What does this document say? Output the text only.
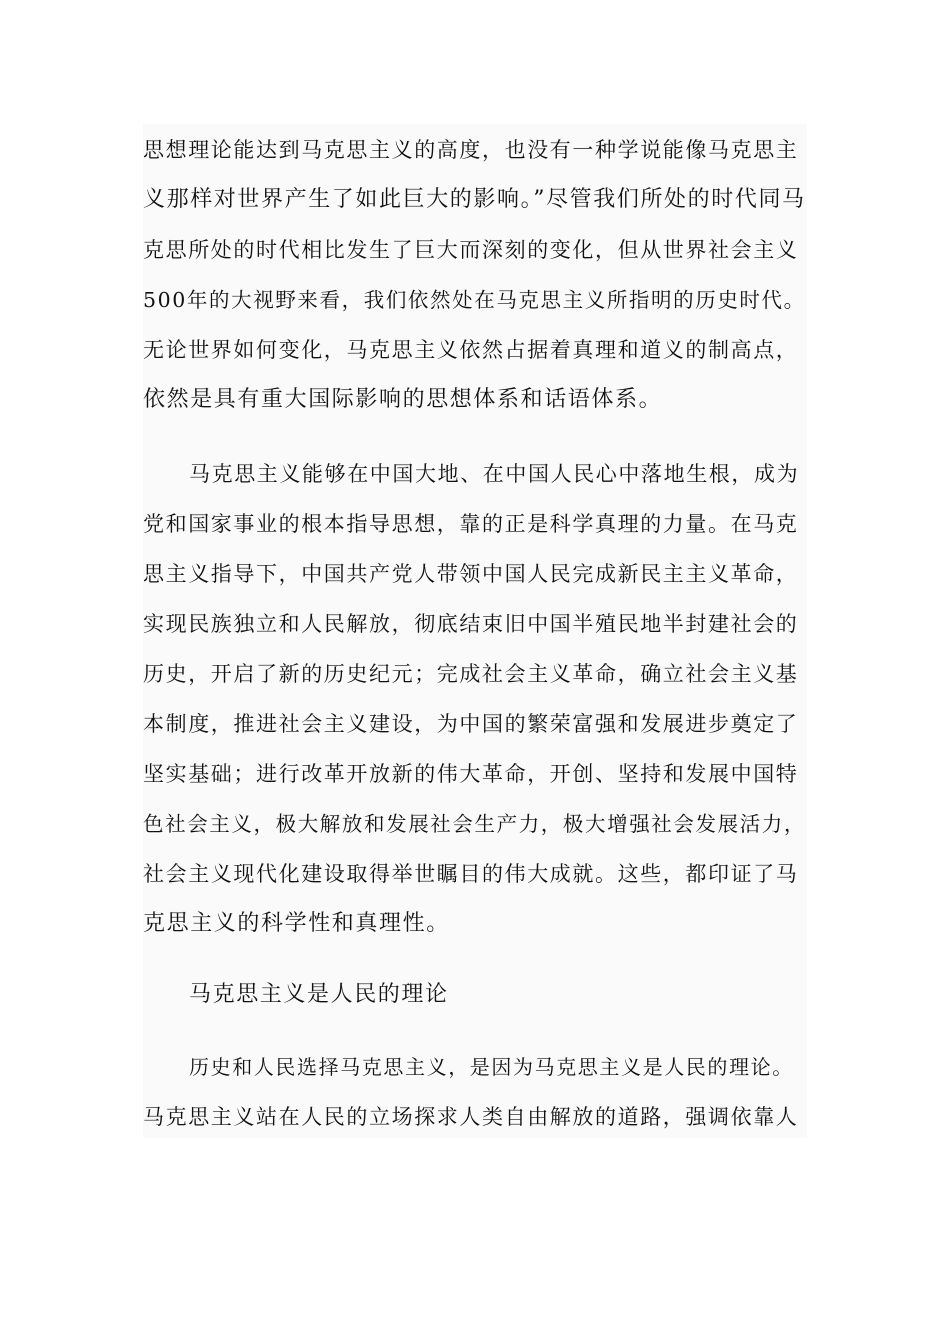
思想理论能达到马克思主义的高度，也没有一种学说能像马克思主
义那样对世界产生了如此巨大的影响。”尽管我们所处的时代同马
克思所处的时代相比发生了巨大而深刻的变化，但从世界社会主义
500年的大视野来看，我们依然处在马克思主义所指明的历史时代。
无论世界如何变化，马克思主义依然占据着真理和道义的制高点，
依然是具有重大国际影响的思想体系和话语体系。
马克思主义能够在中国大地、在中国人民心中落地生根，成为
党和国家事业的根本指导思想，靠的正是科学真理的力量。在马克
思主义指导下，中国共产党人带领中国人民完成新民主主义革命，
实现民族独立和人民解放，彻底结束旧中国半殖民地半封建社会的
历史，开启了新的历史纪元；完成社会主义革命，确立社会主义基
本制度，推进社会主义建设，为中国的繁荣富强和发展进步奠定了
坚实基础；进行改革开放新的伟大革命，开创、坚持和发展中国特
色社会主义，极大解放和发展社会生产力，极大增强社会发展活力，
社会主义现代化建设取得举世瞩目的伟大成就。这些，都印证了马
克思主义的科学性和真理性。
马克思主义是人民的理论
历史和人民选择马克思主义，是因为马克思主义是人民的理论。
马克思主义站在人民的立场探求人类自由解放的道路，强调依靠人
